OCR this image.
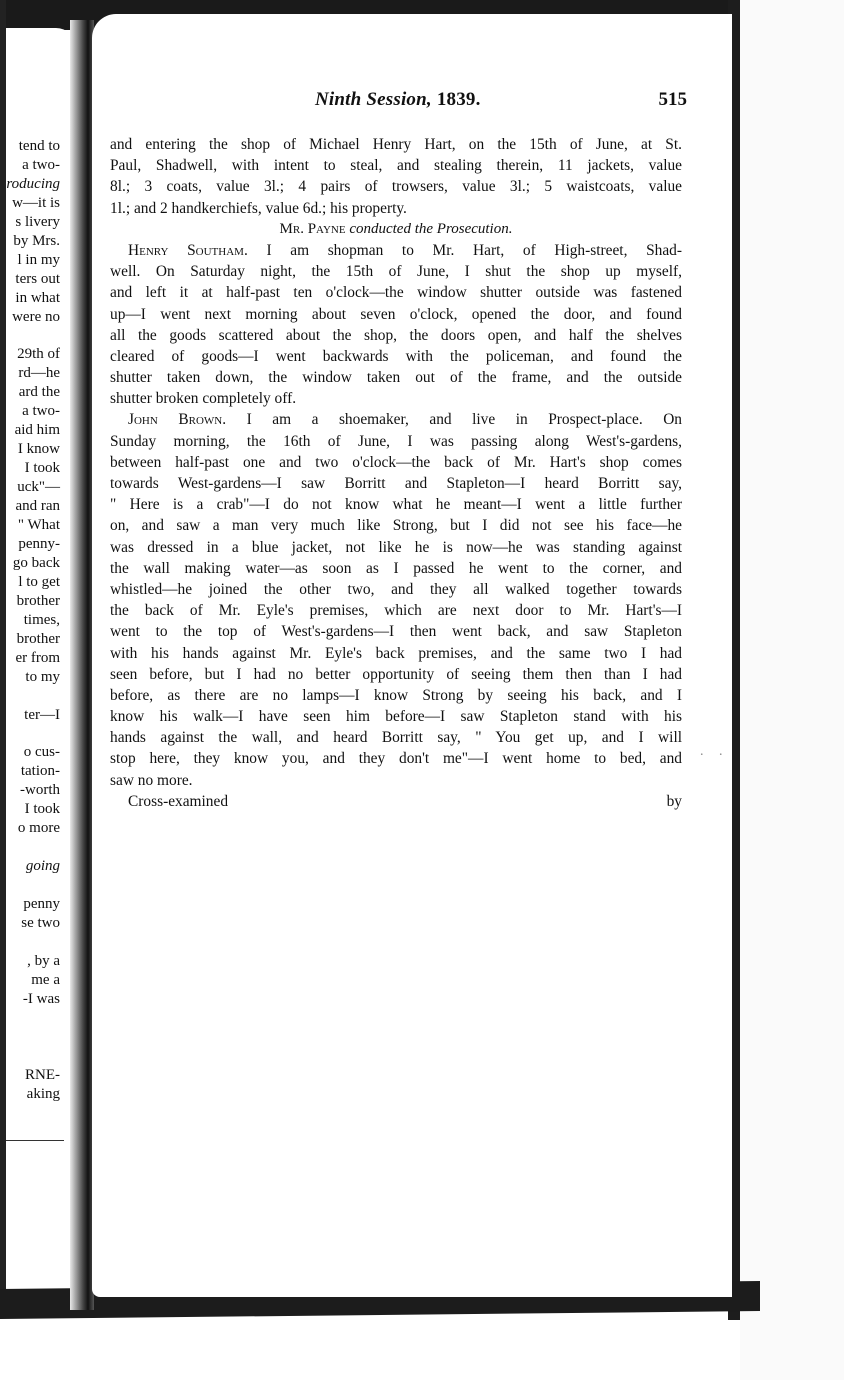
tend to
a two-
roducing
w—it is
s livery
by Mrs.
l in my
ters out
in what
were no
29th of
rd—he
ard the
a two-
aid him
I know
I took
uck"—
and ran
" What
penny-
go back
l to get
brother
times,
brother
er from
to my
ter—I
o cus-
tation-
-worth
I took
o more
going
penny
se two
, by a
me a
-I was
RNE-
aking
Ninth Session, 1839.	515
and entering the shop of Michael Henry Hart, on the 15th of June, at St.
Paul, Shadwell, with intent to steal, and stealing therein, 11 jackets, value
8l.; 3 coats, value 3l.; 4 pairs of trowsers, value 3l.; 5 waistcoats, value
1l.; and 2 handkerchiefs, value 6d.; his property.
Mr. Payne conducted the Prosecution.
Henry Southam. I am shopman to Mr. Hart, of High-street, Shad-
well. On Saturday night, the 15th of June, I shut the shop up myself,
and left it at half-past ten o'clock—the window shutter outside was fastened
up—I went next morning about seven o'clock, opened the door, and found
all the goods scattered about the shop, the doors open, and half the shelves
cleared of goods—I went backwards with the policeman, and found the
shutter taken down, the window taken out of the frame, and the outside
shutter broken completely off.
John Brown. I am a shoemaker, and live in Prospect-place. On
Sunday morning, the 16th of June, I was passing along West's-gardens,
between half-past one and two o'clock—the back of Mr. Hart's shop comes
towards West-gardens—I saw Borritt and Stapleton—I heard Borritt say,
" Here is a crab"—I do not know what he meant—I went a little further
on, and saw a man very much like Strong, but I did not see his face—he
was dressed in a blue jacket, not like he is now—he was standing against
the wall making water—as soon as I passed he went to the corner, and
whistled—he joined the other two, and they all walked together towards
the back of Mr. Eyle's premises, which are next door to Mr. Hart's—I
went to the top of West's-gardens—I then went back, and saw Stapleton
with his hands against Mr. Eyle's back premises, and the same two I had
seen before, but I had no better opportunity of seeing them then than I had
before, as there are no lamps—I know Strong by seeing his back, and I
know his walk—I have seen him before—I saw Stapleton stand with his
hands against the wall, and heard Borritt say, " You get up, and I will
stop here, they know you, and they don't me"—I went home to bed, and
saw no more.
Cross-examined by
. .
